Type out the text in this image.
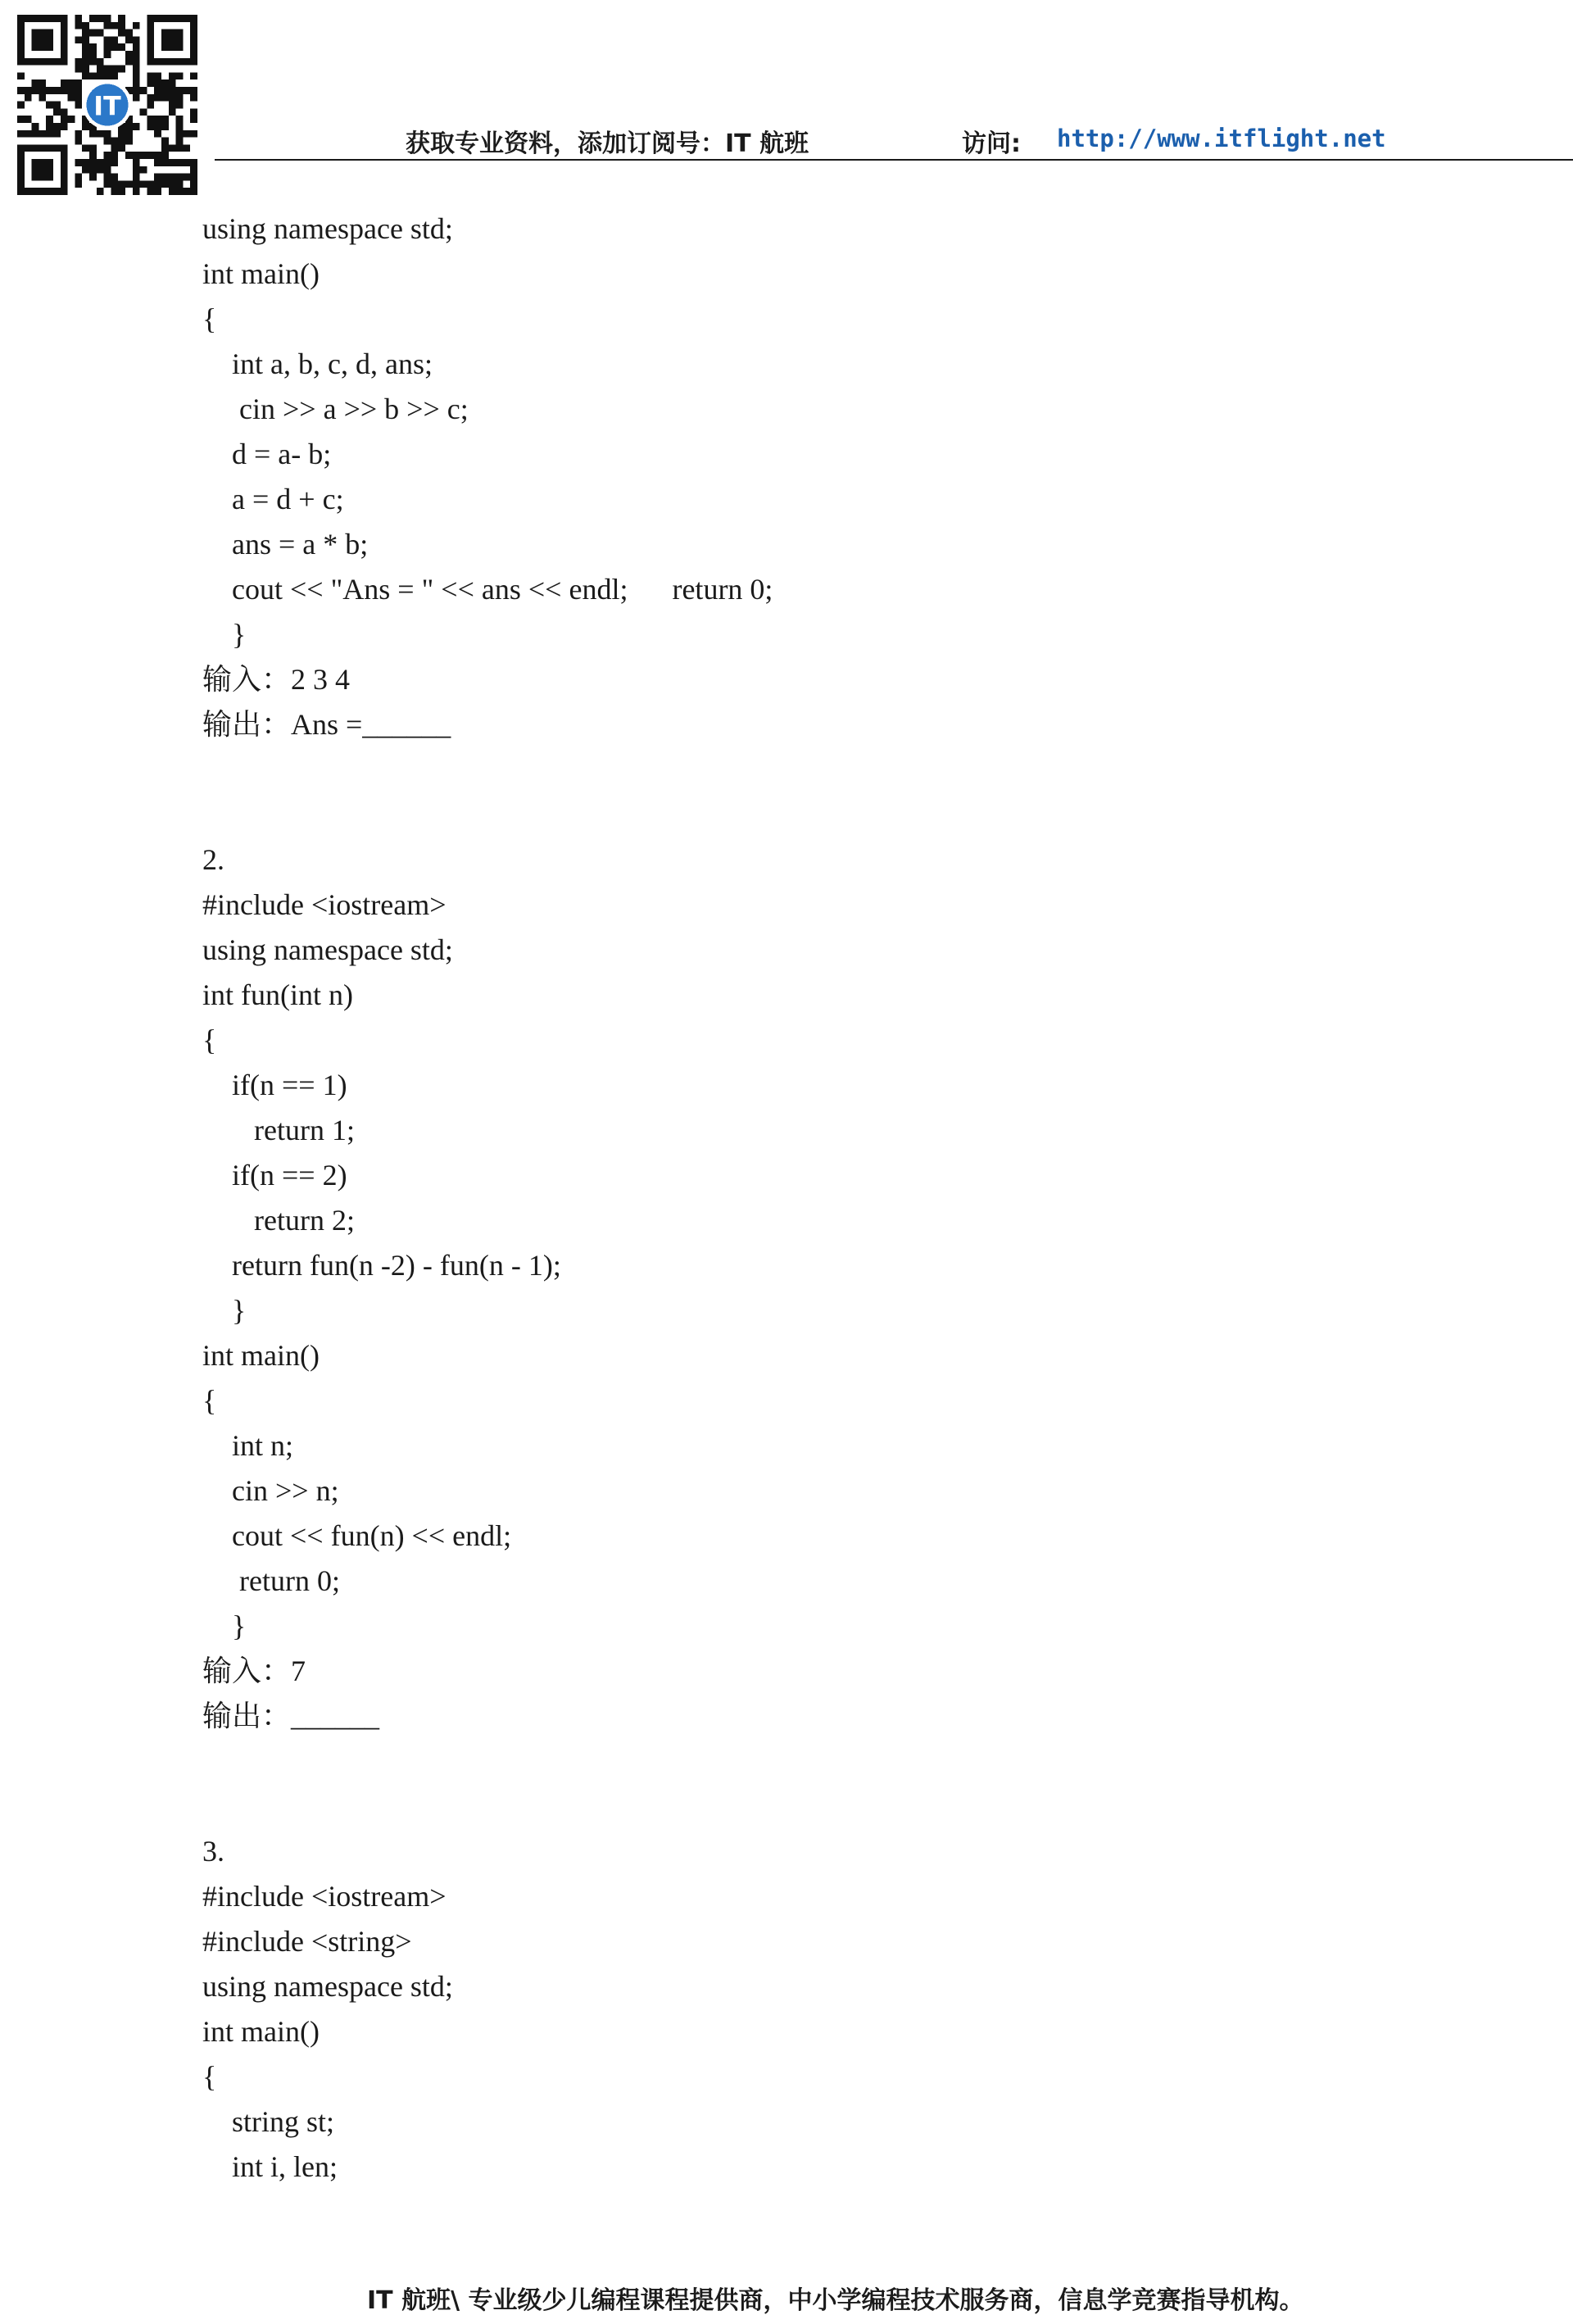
IT
获取专业资料，添加订阅号：IT 航班	访问: http://www.itflight.net
using namespace std;
int main()
{
int a, b, c, d, ans;
cin >> a >> b >> c;
d = a- b;
a = d + c;
ans = a * b;
cout << "Ans = " << ans << endl;      return 0;
}
输入：2 3 4
输出：Ans =______
2.
#include <iostream>
using namespace std;
int fun(int n)
{
if(n == 1)
return 1;
if(n == 2)
return 2;
return fun(n -2) - fun(n - 1);
}
int main()
{
int n;
cin >> n;
cout << fun(n) << endl;
return 0;
}
输入：7
输出：______
3.
#include <iostream>
#include <string>
using namespace std;
int main()
{
string st;
int i, len;
IT 航班\ 专业级少儿编程课程提供商，中小学编程技术服务商，信息学竞赛指导机构。
